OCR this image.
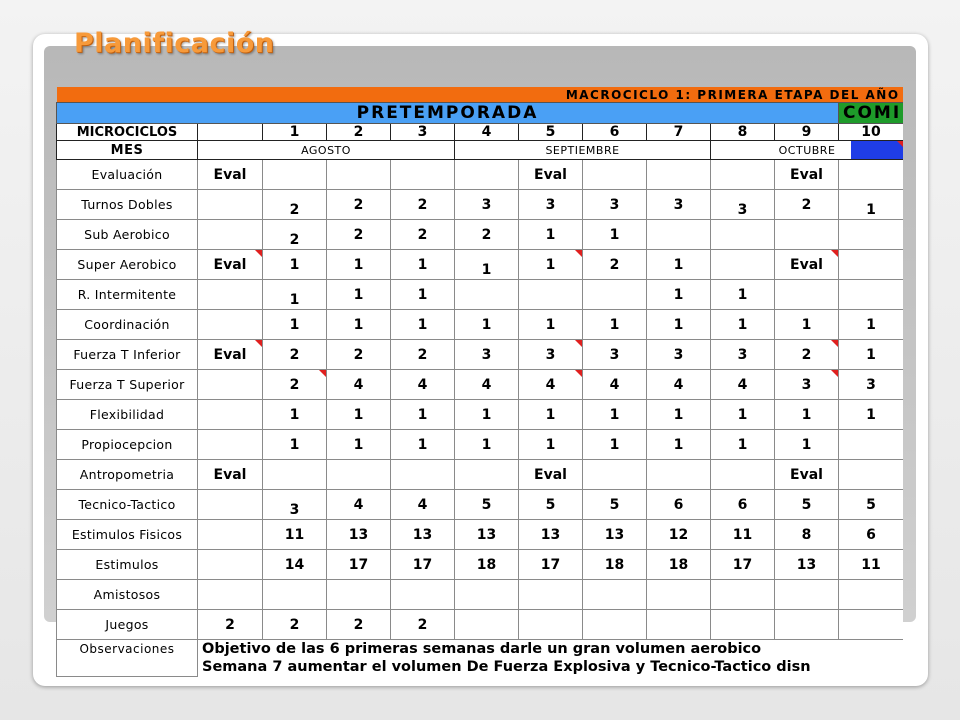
Planificación
MACROCICLO 1: PRIMERA ETAPA DEL AÑO											
PRETEMPORADA											COMI
MICROCICLOS		1	2	3	4	5	6	7	8	9	10
MES	AGOSTO				SEPTIEMBRE				OCTUBRE		
Evaluación	Eval					Eval				Eval	
Turnos Dobles		2	2	2	3	3	3	3	3	2	1
Sub Aerobico		2	2	2	2	1	1				
Super Aerobico	Eval	1	1	1	1	1	2	1		Eval

R. Intermitente		1	1	1				1	1		
Coordinación		1	1	1	1	1	1	1	1	1	1
Fuerza T Inferior	Eval	2	2	2	3	3	3	3	3	2	1
Fuerza T Superior		2	4	4	4	4	4	4	4	3	3
Flexibilidad		1	1	1	1	1	1	1	1	1	1
Propiocepcion		1	1	1	1	1	1	1	1	1	
Antropometria	Eval					Eval				Eval	
Tecnico-Tactico		3	4	4	5	5	5	6	6	5	5
Estimulos Fisicos		11	13	13	13	13	13	12	11	8	6
Estimulos		14	17	17	18	17	18	18	17	13	11
Amistosos											
Juegos	2	2	2	2							
Observaciones	Objetivo de las 6 primeras semanas darle un gran volumen aerobico										
	Semana 7 aumentar el volumen De Fuerza Explosiva y Tecnico-Tactico disn										
